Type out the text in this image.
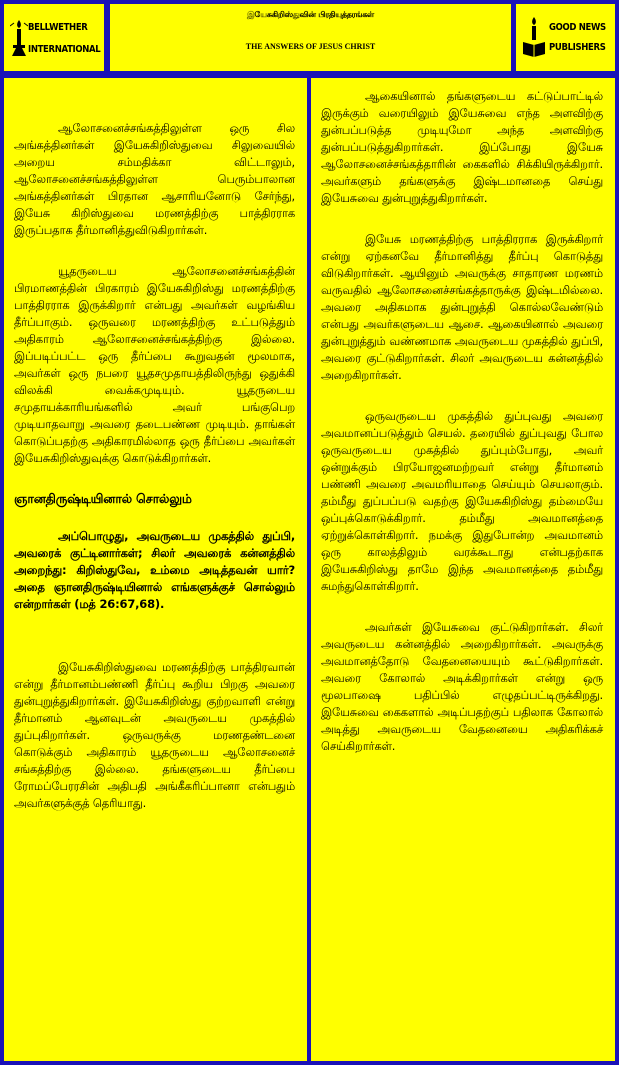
BELLWETHER
INTERNATIONAL
இயேசுகிறிஸ்துவின் பிரதியுத்தரங்கள்
THE ANSWERS OF JESUS CHRIST
GOOD NEWS
PUBLISHERS

ஆலோசனைச்சங்கத்திலுள்ள ஒரு சில அங்கத்தினர்கள் இயேசுகிறிஸ்துவை சிலுவையில் அறைய சம்மதிக்கா விட்டாலும், ஆலோசனைச்சங்கத்திலுள்ள பெரும்பாலான அங்கத்தினர்கள் பிரதான ஆசாரியனோடு சேர்ந்து, இயேசு கிறிஸ்துவை மரணத்திற்கு பாத்திரராக இருப்பதாக தீர்மானித்துவிடுகிறார்கள்.

யூதருடைய ஆலோசனைச்சங்கத்தின் பிரமாணத்தின் பிரகாரம் இயேசுகிறிஸ்து மரணத்திற்கு பாத்திரராக இருக்கிறார் என்பது அவர்கள் வழங்கிய தீர்ப்பாகும். ஒருவரை மரணத்திற்கு உட்படுத்தும் அதிகாரம் ஆலோசனைச்சங்கத்திற்கு இல்லை. இப்படிப்பட்ட ஒரு தீர்ப்பை கூறுவதன் மூலமாக, அவர்கள் ஒரு நபரை யூதசமுதாயத்திலிருந்து ஒதுக்கி விலக்கி வைக்கமுடியும். யூதருடைய சமுதாயக்காரியங்களில் அவர் பங்குபெற முடியாதவாறு அவரை தடைபண்ண முடியும். தாங்கள் கொடுப்பதற்கு அதிகாரமில்லாத ஒரு தீர்ப்பை அவர்கள் இயேசுகிறிஸ்துவுக்கு கொடுக்கிறார்கள்.

ஞானதிருஷ்டியினால் சொல்லும்

அப்பொழுது, அவருடைய முகத்தில் துப்பி, அவரைக் குட்டினார்கள்; சிலர் அவரைக் கன்னத்தில் அறைந்து: கிறிஸ்துவே, உம்மை அடித்தவன் யார்? அதை ஞானதிருஷ்டியினால் எங்களுக்குச் சொல்லும் என்றார்கள் (மத் 26:67,68).

இயேசுகிறிஸ்துவை மரணத்திற்கு பாத்திரவான் என்று தீர்மானம்பண்ணி தீர்ப்பு கூறிய பிறகு அவரை துன்புறுத்துகிறார்கள். இயேசுகிறிஸ்து குற்றவாளி என்று தீர்மானம் ஆனவுடன் அவருடைய முகத்தில் துப்புகிறார்கள். ஒருவருக்கு மரணதண்டனை கொடுக்கும் அதிகாரம் யூதருடைய ஆலோசனைச் சங்கத்திற்கு இல்லை. தங்களுடைய தீர்ப்பை ரோமப்பேரரசின் அதிபதி அங்கீகரிப்பானா என்பதும் அவர்களுக்குத் தெரியாது.

ஆகையினால் தங்களுடைய கட்டுப்பாட்டில் இருக்கும் வரையிலும் இயேசுவை எந்த அளவிற்கு துன்பப்படுத்த முடியுமோ அந்த அளவிற்கு துன்பப்படுத்துகிறார்கள். இப்போது இயேசு ஆலோசனைச்சங்கத்தாரின் கைகளில் சிக்கியிருக்கிறார். அவர்களும் தங்களுக்கு இஷ்டமானதை செய்து இயேசுவை துன்புறுத்துகிறார்கள்.

இயேசு மரணத்திற்கு பாத்திரராக இருக்கிறார் என்று ஏற்கனவே தீர்மானித்து தீர்ப்பு கொடுத்து விடுகிறார்கள். ஆயினும் அவருக்கு சாதாரண மரணம் வருவதில் ஆலோசனைச்சங்கத்தாருக்கு இஷ்டமில்லை. அவரை அதிகமாக துன்புறுத்தி கொல்லவேண்டும் என்பது அவர்களுடைய ஆசை. ஆகையினால் அவரை துன்புறுத்தும் வண்ணமாக அவருடைய முகத்தில் துப்பி, அவரை குட்டுகிறார்கள். சிலர் அவருடைய கன்னத்தில் அறைகிறார்கள்.

ஒருவருடைய முகத்தில் துப்புவது அவரை அவமானப்படுத்தும் செயல். தரையில் துப்புவது போல ஒருவருடைய முகத்தில் துப்பும்போது, அவர் ஒன்றுக்கும் பிரயோஜனமற்றவர் என்று தீர்மானம் பண்ணி அவரை அவமரியாதை செய்யும் செயலாகும். தம்மீது துப்பப்படு வதற்கு இயேசுகிறிஸ்து தம்மையே ஒப்புக்கொடுக்கிறார். தம்மீது அவமானத்தை ஏற்றுக்கொள்கிறார். நமக்கு இதுபோன்ற அவமானம் ஒரு காலத்திலும் வரக்கூடாது என்பதற்காக இயேசுகிறிஸ்து தாமே இந்த அவமானத்தை தம்மீது சுமந்துகொள்கிறார்.

அவர்கள் இயேசுவை குட்டுகிறார்கள். சிலர் அவருடைய கன்னத்தில் அறைகிறார்கள். அவருக்கு அவமானத்தோடு வேதனையையும் கூட்டுகிறார்கள். அவரை கோலால் அடிக்கிறார்கள் என்று ஒரு மூலபாஷை பதிப்பில் எழுதப்பட்டிருக்கிறது. இயேசுவை கைகளால் அடிப்பதற்குப் பதிலாக கோலால் அடித்து அவருடைய வேதனையை அதிகரிக்கச் செய்கிறார்கள்.
